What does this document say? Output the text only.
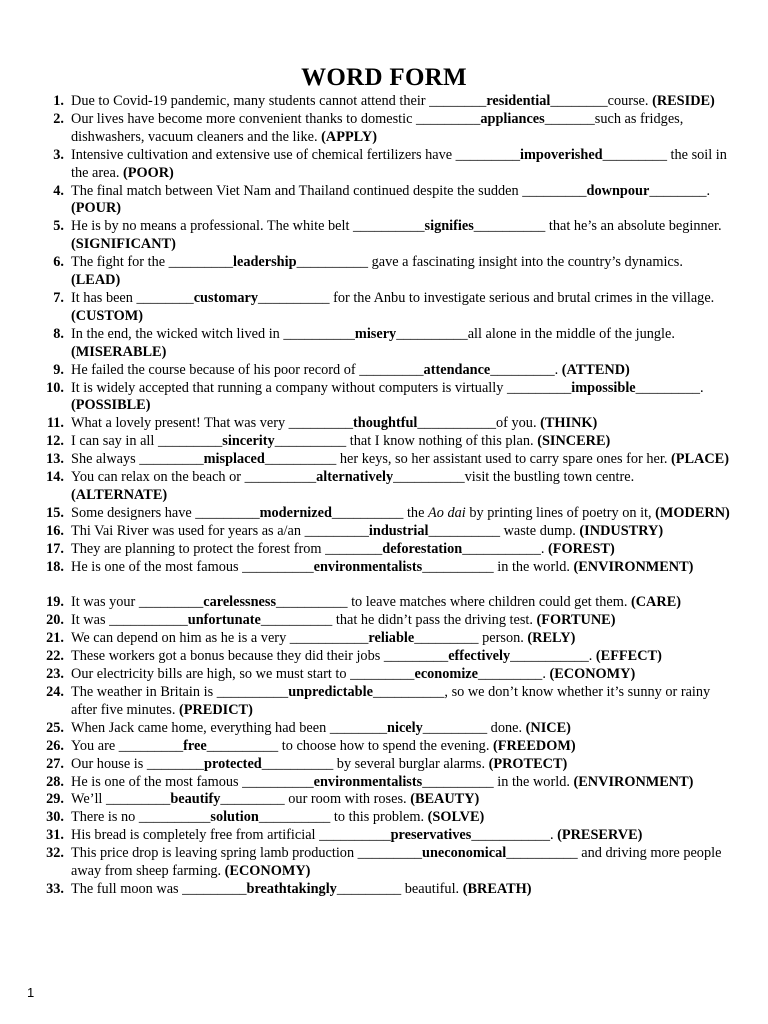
WORD FORM
1. Due to Covid-19 pandemic, many students cannot attend their ________residential________course. (RESIDE)
2. Our lives have become more convenient thanks to domestic _________appliances_______such as fridges, dishwashers, vacuum cleaners and the like. (APPLY)
3. Intensive cultivation and extensive use of chemical fertilizers have _________impoverished_________ the soil in the area. (POOR)
4. The final match between Viet Nam and Thailand continued despite the sudden _________downpour________. (POUR)
5. He is by no means a professional. The white belt __________signifies__________ that he’s an absolute beginner. (SIGNIFICANT)
6. The fight for the _________leadership__________ gave a fascinating insight into the country’s dynamics. (LEAD)
7. It has been ________customary__________ for the Anbu to investigate serious and brutal crimes in the village. (CUSTOM)
8. In the end, the wicked witch lived in __________misery__________all alone in the middle of the jungle. (MISERABLE)
9. He failed the course because of his poor record of _________attendance_________. (ATTEND)
10. It is widely accepted that running a company without computers is virtually _________impossible_________. (POSSIBLE)
11. What a lovely present! That was very _________thoughtful___________of you. (THINK)
12. I can say in all _________sincerity__________ that I know nothing of this plan. (SINCERE)
13. She always _________misplaced__________ her keys, so her assistant used to carry spare ones for her. (PLACE)
14. You can relax on the beach or __________alternatively__________visit the bustling town centre. (ALTERNATE)
15. Some designers have _________modernized__________ the Ao dai by printing lines of poetry on it, (MODERN)
16. Thi Vai River was used for years as a/an _________industrial__________ waste dump. (INDUSTRY)
17. They are planning to protect the forest from ________deforestation___________. (FOREST)
18. He is one of the most famous __________environmentalists__________ in the world. (ENVIRONMENT)
19. It was your _________carelessness__________ to leave matches where children could get them. (CARE)
20. It was ___________unfortunate__________ that he didn’t pass the driving test. (FORTUNE)
21. We can depend on him as he is a very ___________reliable_________ person. (RELY)
22. These workers got a bonus because they did their jobs _________effectively___________. (EFFECT)
23. Our electricity bills are high, so we must start to _________economize_________. (ECONOMY)
24. The weather in Britain is __________unpredictable__________, so we don’t know whether it’s sunny or rainy after five minutes. (PREDICT)
25. When Jack came home, everything had been ________nicely_________ done. (NICE)
26. You are _________free__________ to choose how to spend the evening. (FREEDOM)
27. Our house is ________protected__________ by several burglar alarms. (PROTECT)
28. He is one of the most famous __________environmentalists__________ in the world. (ENVIRONMENT)
29. We’ll _________beautify_________ our room with roses. (BEAUTY)
30. There is no __________solution__________ to this problem. (SOLVE)
31. His bread is completely free from artificial __________preservatives___________. (PRESERVE)
32. This price drop is leaving spring lamb production _________uneconomical__________ and driving more people away from sheep farming. (ECONOMY)
33. The full moon was _________breathtakingly_________ beautiful. (BREATH)
1
